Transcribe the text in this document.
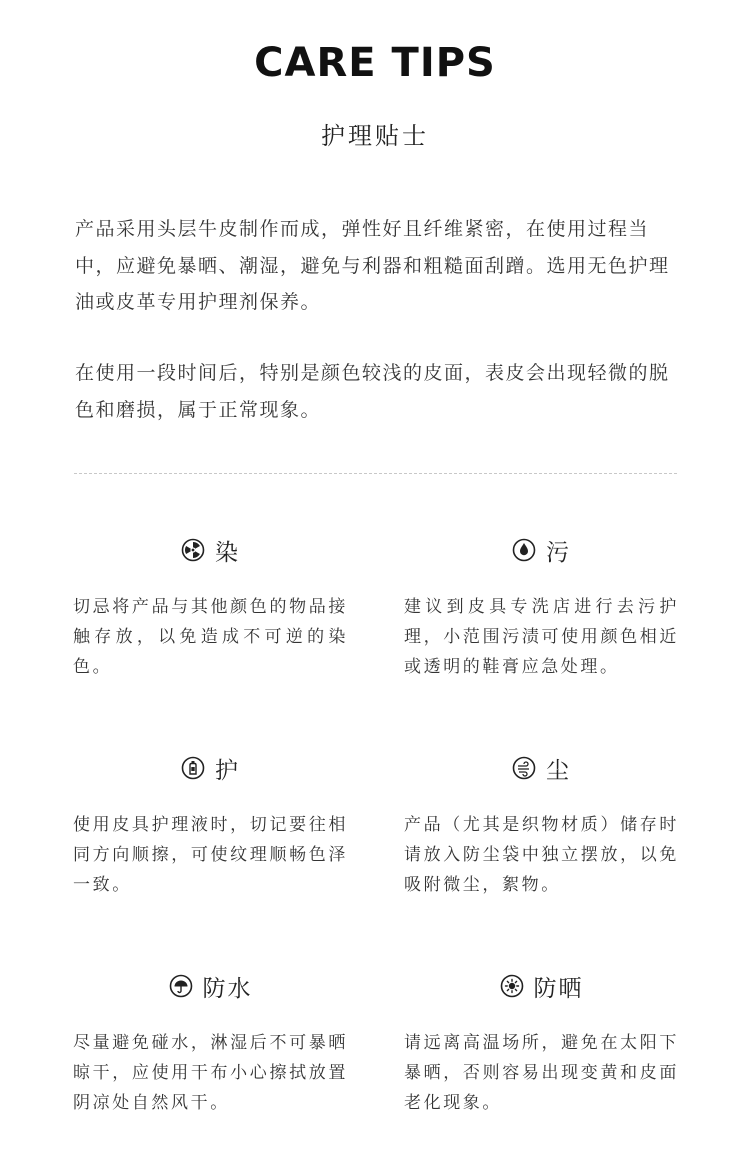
CARE TIPS
护理贴士

产品采用头层牛皮制作而成，弹性好且纤维紧密，在使用过程当中，应避免暴晒、潮湿，避免与利器和粗糙面刮蹭。选用无色护理油或皮革专用护理剂保养。

在使用一段时间后，特别是颜色较浅的皮面，表皮会出现轻微的脱色和磨损，属于正常现象。

染
切忌将产品与其他颜色的物品接触存放，以免造成不可逆的染色。
污
建议到皮具专洗店进行去污护理，小范围污渍可使用颜色相近或透明的鞋膏应急处理。
护
使用皮具护理液时，切记要往相同方向顺擦，可使纹理顺畅色泽一致。
尘
产品（尤其是织物材质）储存时请放入防尘袋中独立摆放，以免吸附微尘，絮物。
防水
尽量避免碰水，淋湿后不可暴晒晾干，应使用干布小心擦拭放置阴凉处自然风干。
防晒
请远离高温场所，避免在太阳下暴晒，否则容易出现变黄和皮面老化现象。
